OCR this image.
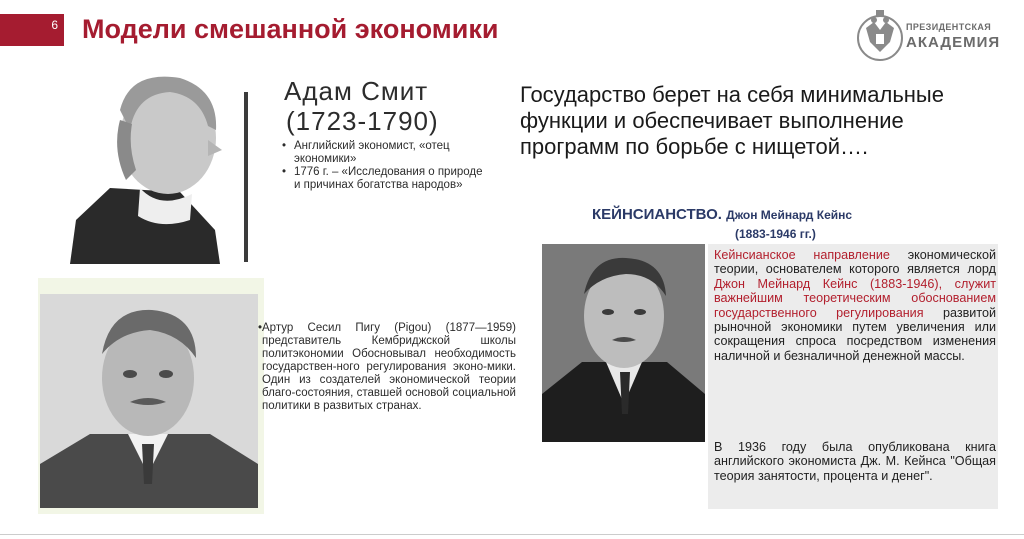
6 Модели смешанной экономики	ПРЕЗИДЕНТСКАЯ
АКАДЕМИЯ
Адам Смит
(1723-1790)
• Английский экономист, «отец экономики»
• 1776 г. – «Исследования о природе и причинах богатства народов»
Государство берет на себя минимальные функции и обеспечивает выполнение программ по борьбе с нищетой….
• Артур Сесил Пигу (Pigou) (1877—1959) представитель Кембриджской школы политэкономии Обосновывал необходимость государствен-ного регулирования эконо-мики. Один из создателей экономической теории благо-состояния, ставшей основой социальной политики в развитых странах.
КЕЙНСИАНСТВО. Джон Мейнард Кейнс
(1883-1946 гг.)
Кейнсианское направление экономической теории, основателем которого является лорд Джон Мейнард Кейнс (1883-1946), служит важнейшим теоретическим обоснованием государственного регулирования развитой рыночной экономики путем увеличения или сокращения спроса посредством изменения наличной и безналичной денежной массы.
В 1936 году была опубликована книга английского экономиста Дж. М. Кейнса "Общая теория занятости, процента и денег".
